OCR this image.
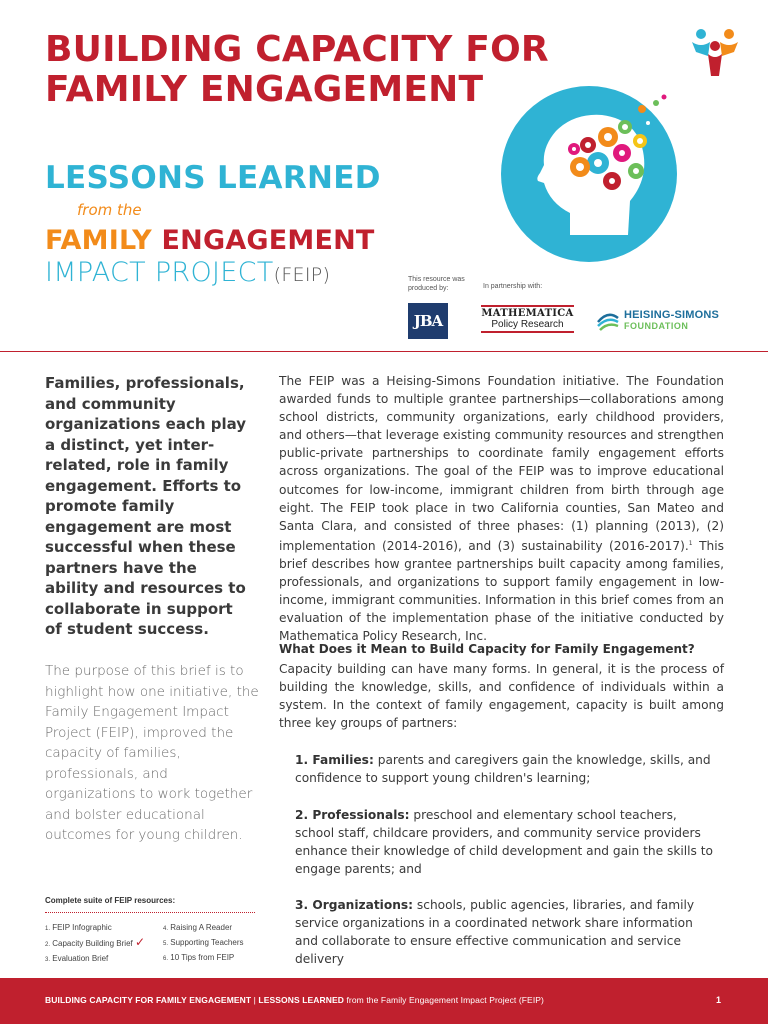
BUILDING CAPACITY FOR
FAMILY ENGAGEMENT
LESSONS LEARNED
from the
FAMILY ENGAGEMENT
IMPACT PROJECT(FEIP)	This resource was produced by:	In partnership with:
JBA	MATHEMATICA
Policy Research
HEISING-SIMONS
FOUNDATION
Families, professionals, and community organizations each play a distinct, yet inter-related, role in family engagement. Efforts to promote family engagement are most successful when these partners have the ability and resources to collaborate in support of student success.
The purpose of this brief is to highlight how one initiative, the Family Engagement Impact Project (FEIP), improved the capacity of families, professionals, and organizations to work together and bolster educational outcomes for young children.
Complete suite of FEIP resources:
1. FEIP Infographic
2. Capacity Building Brief ✓
3. Evaluation Brief
4. Raising A Reader
5. Supporting Teachers
6. 10 Tips from FEIP
The FEIP was a Heising-Simons Foundation initiative. The Foundation awarded funds to multiple grantee partnerships—collaborations among school districts, community organizations, early childhood providers, and others—that leverage existing community resources and strengthen public-private partnerships to coordinate family engagement efforts across organizations. The goal of the FEIP was to improve educational outcomes for low-income, immigrant children from birth through age eight. The FEIP took place in two California counties, San Mateo and Santa Clara, and consisted of three phases: (1) planning (2013), (2) implementation (2014-2016), and (3) sustainability (2016-2017).$^1$ This brief describes how grantee partnerships built capacity among families, professionals, and organizations to support family engagement in low-income, immigrant communities. Information in this brief comes from an evaluation of the implementation phase of the initiative conducted by Mathematica Policy Research, Inc.
What Does it Mean to Build Capacity for Family Engagement?
Capacity building can have many forms. In general, it is the process of building the knowledge, skills, and confidence of individuals within a system. In the context of family engagement, capacity is built among three key groups of partners:
1. Families: parents and caregivers gain the knowledge, skills, and confidence to support young children's learning;
2. Professionals: preschool and elementary school teachers, school staff, childcare providers, and community service providers enhance their knowledge of child development and gain the skills to engage parents; and
3. Organizations: schools, public agencies, libraries, and family service organizations in a coordinated network share information and collaborate to ensure effective communication and service delivery
BUILDING CAPACITY FOR FAMILY ENGAGEMENT | LESSONS LEARNED from the Family Engagement Impact Project (FEIP)	1
